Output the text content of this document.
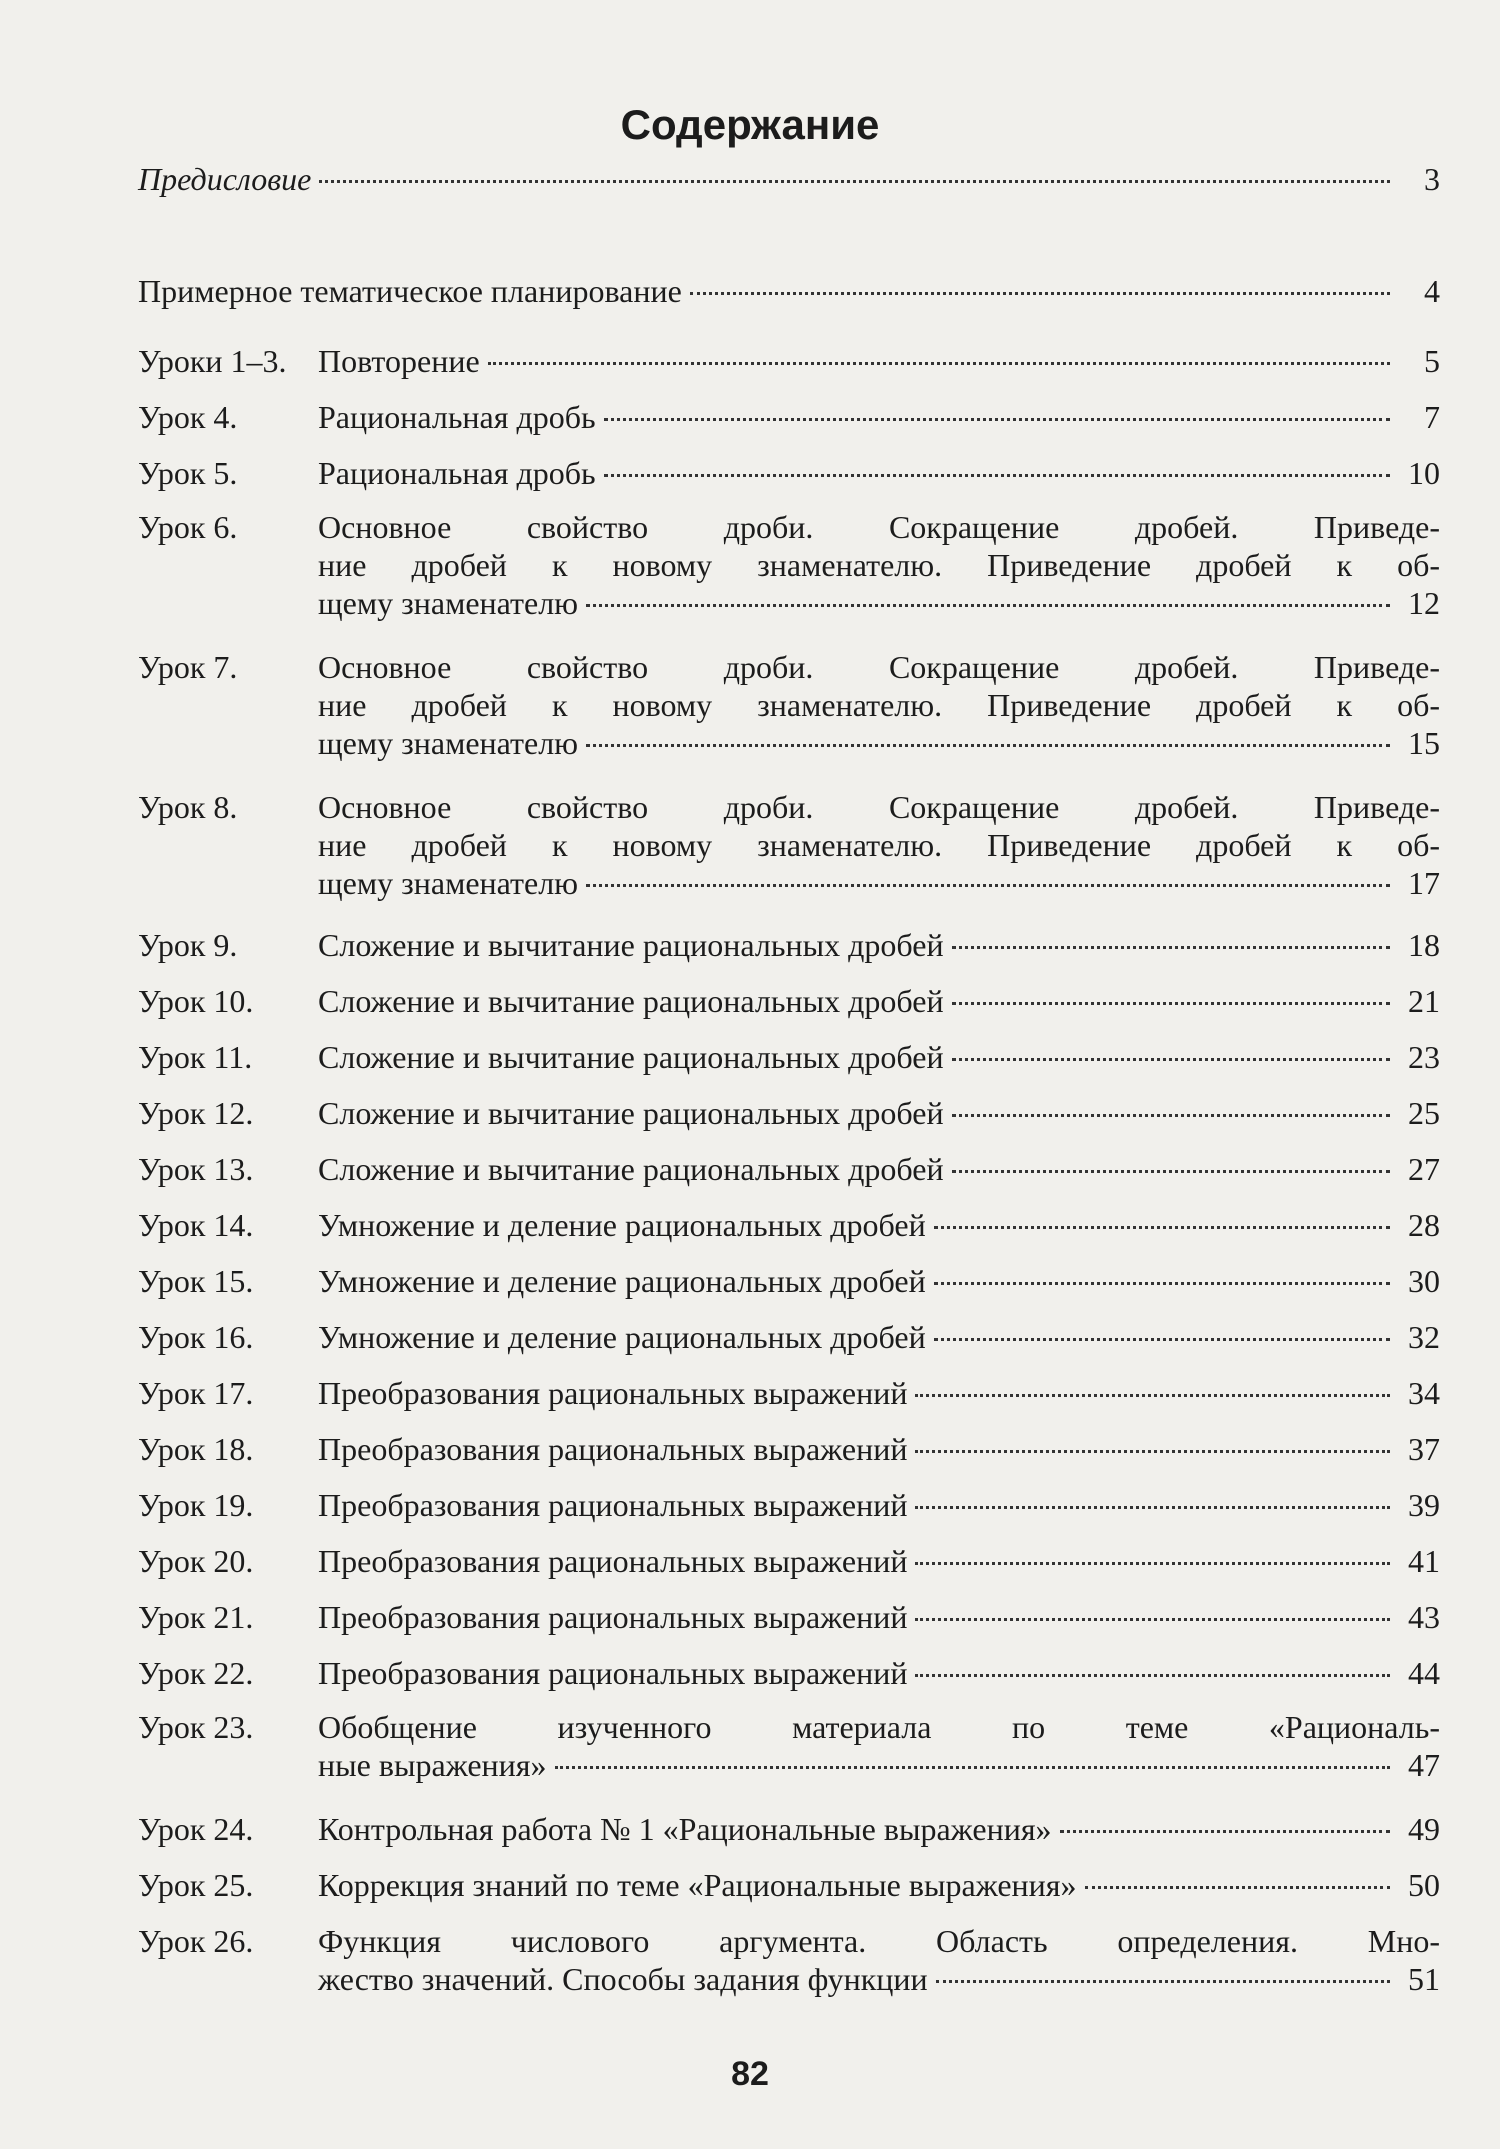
Содержание
Предисловие	3
Примерное тематическое планирование	4
Уроки 1–3. Повторение	5
Урок 4.	Рациональная дробь	7
Урок 5.	Рациональная дробь	10
Урок 6.	Основное свойство дроби. Сокращение дробей. Приведе-
ние дробей к новому знаменателю. Приведение дробей к об-
щему знаменателю	12
Урок 7.	Основное свойство дроби. Сокращение дробей. Приведе-
ние дробей к новому знаменателю. Приведение дробей к об-
щему знаменателю	15
Урок 8.	Основное свойство дроби. Сокращение дробей. Приведе-
ние дробей к новому знаменателю. Приведение дробей к об-
щему знаменателю	17
Урок 9.	Сложение и вычитание рациональных дробей	18
Урок 10. Сложение и вычитание рациональных дробей	21
Урок 11. Сложение и вычитание рациональных дробей	23
Урок 12. Сложение и вычитание рациональных дробей	25
Урок 13. Сложение и вычитание рациональных дробей	27
Урок 14. Умножение и деление рациональных дробей	28
Урок 15. Умножение и деление рациональных дробей	30
Урок 16. Умножение и деление рациональных дробей	32
Урок 17. Преобразования рациональных выражений	34
Урок 18. Преобразования рациональных выражений	37
Урок 19. Преобразования рациональных выражений	39
Урок 20. Преобразования рациональных выражений	41
Урок 21. Преобразования рациональных выражений	43
Урок 22. Преобразования рациональных выражений	44
Урок 23. Обобщение изученного материала по теме «Рациональ-
ные выражения»	47
Урок 24. Контрольная работа № 1 «Рациональные выражения»	49
Урок 25. Коррекция знаний по теме «Рациональные выражения»	50
Урок 26. Функция числового аргумента. Область определения. Мно-
жество значений. Способы задания функции	51
82
